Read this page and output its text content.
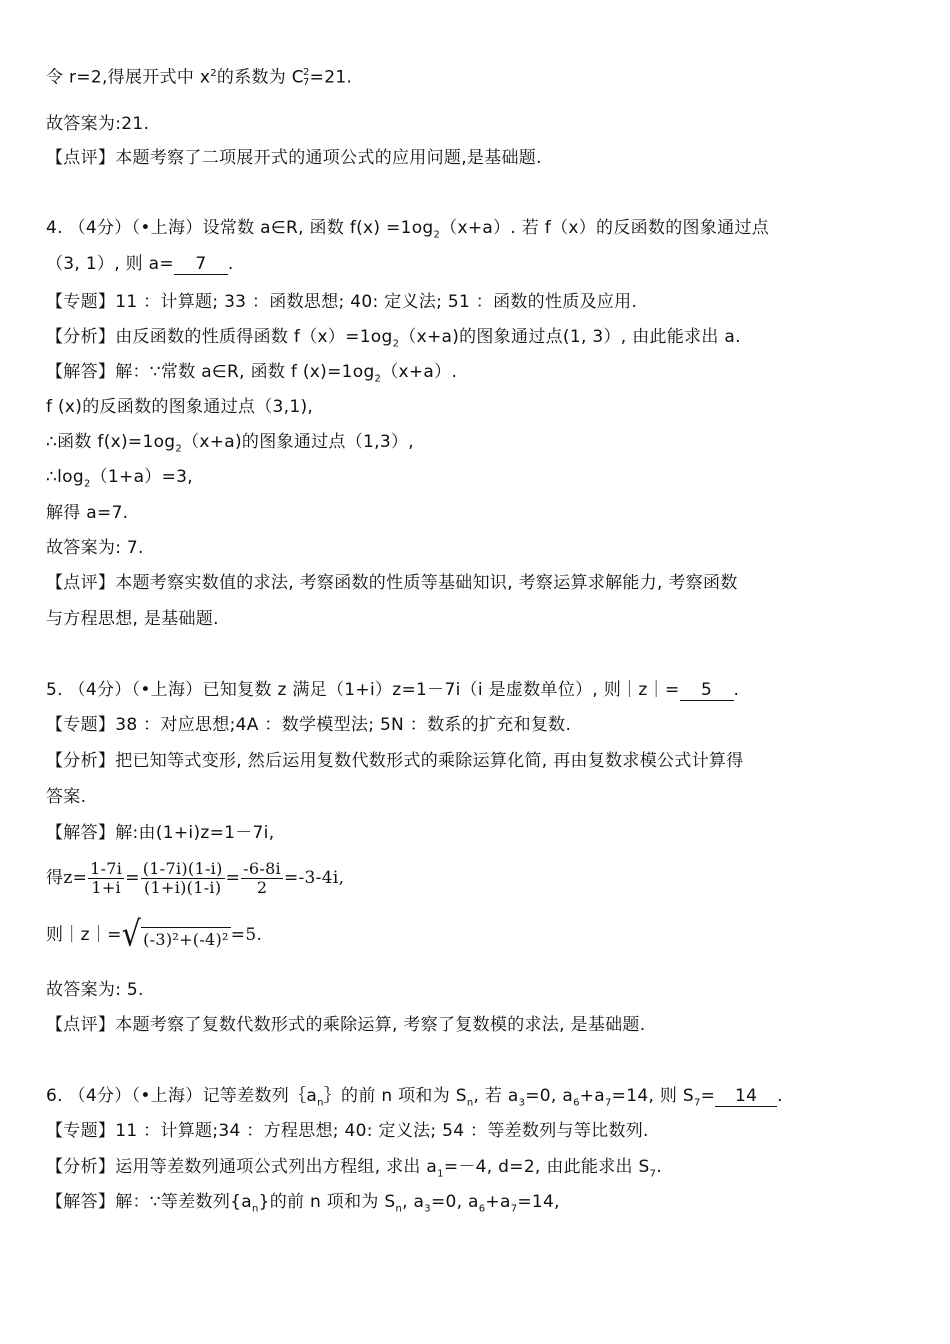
令 r=2,得展开式中 $x^2$的系数为 C 2
7 =21.
故答案为:21.
【点评】本题考察了二项展开式的通项公式的应用问题,是基础题.
4. （4分）（•上海）设常数 a∈R, 函数 $f(x) =1og_2(x+a)$. 若 f（x）的反函数的图象通过点
（3, 1）, 则 a= 7 .
【专题】11 ：计算题; 33 ：函数思想; 40: 定义法; 51 ：函数的性质及应用.
【分析】由反函数的性质得函数 $f(x)=1og_2(x+a)$的图象通过点(1, 3）, 由此能求出 a.
【解答】解：∵常数 a∈R, 函数 f $(x)=1og_2(x+a)$.
f (x)的反函数的图象通过点（3,1),
∴函数 $f(x)=1og_2(x+a)$的图象通过点（1,3）,
$\therefore\log_2(1+a)=3$,
解得 a=7.
故答案为: 7.
【点评】本题考察实数值的求法, 考察函数的性质等基础知识, 考察运算求解能力, 考察函数
与方程思想, 是基础题.
5. （4分）（•上海）已知复数 z 满足（1+i）z=1－7i（i 是虚数单位）, 则｜z｜= 5 .
【专题】38 ：对应思想;4A ：数学模型法; 5N ：数系的扩充和复数.
【分析】把已知等式变形, 然后运用复数代数形式的乘除运算化简, 再由复数求模公式计算得
答案.
【解答】解:由(1+i)z=1－7i,
得$z= \frac{1-7i}{1+i} = \frac{(1-7i)(1-i)}{(1+i)(1-i)} = \frac{-6-8i}{2} =-3-4i$,
则｜z｜= √ (-3)²+(-4)² =5.
故答案为: 5.
【点评】本题考察了复数代数形式的乘除运算, 考察了复数模的求法, 是基础题.
6. （4分）（•上海）记等差数列$\{a_n\}$的前 n 项和为 $S_n$, 若 $a_3=0$, $a_6+a_7=14$, 则 $S_7= 14$ .
【专题】11 ：计算题;34 ：方程思想; 40: 定义法; 54 ：等差数列与等比数列.
【分析】运用等差数列通项公式列出方程组, 求出 $a_1=-4$, d=2, 由此能求出 $S_7$.
【解答】解：∵等差数列$\{a_n\}$的前 n 项和为 $S_n$, $a_3=0$, $a_6+a_7=14$,
